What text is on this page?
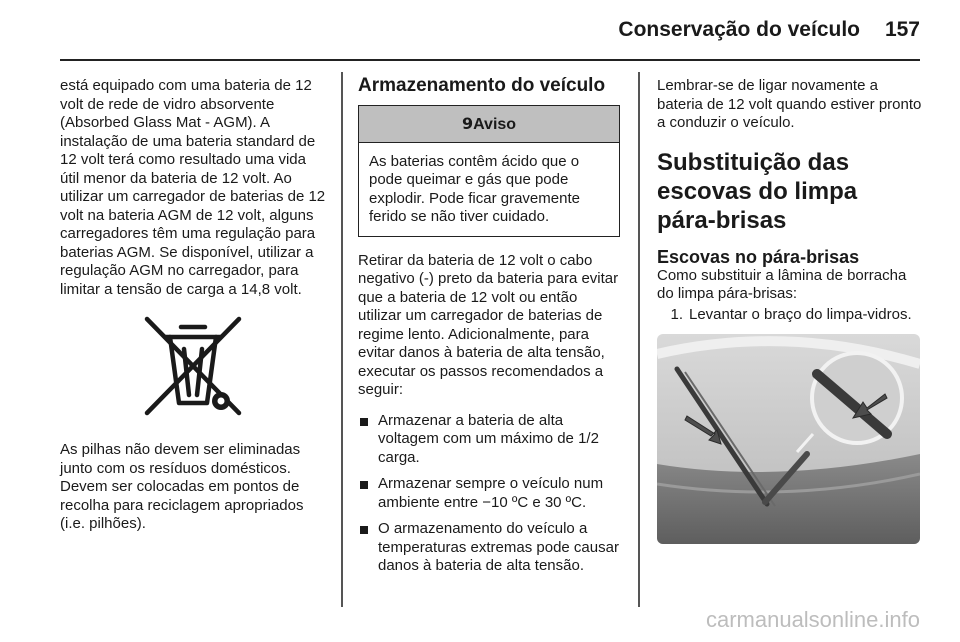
Conservação do veículo 157

está equipado com uma bateria de 12 volt de rede de vidro absorvente (Absorbed Glass Mat - AGM). A instalação de uma bateria standard de 12 volt terá como resultado uma vida útil menor da bateria de 12 volt. Ao utilizar um carregador de baterias de 12 volt na bateria AGM de 12 volt, alguns carregadores têm uma regulação para baterias AGM. Se disponível, utilizar a regulação AGM no carregador, para limitar a tensão de carga a 14,8 volt.

As pilhas não devem ser eliminadas junto com os resíduos domésticos. Devem ser colocadas em pontos de recolha para reciclagem apropriados (i.e. pilhões).

Armazenamento do veículo
9Aviso
As baterias contêm ácido que o pode queimar e gás que pode explodir. Pode ficar gravemente ferido se não tiver cuidado.

Retirar da bateria de 12 volt o cabo negativo (-) preto da bateria para evitar que a bateria de 12 volt ou então utilizar um carregador de baterias de regime lento. Adicionalmente, para evitar danos à bateria de alta tensão, executar os passos recomendados a seguir:

Armazenar a bateria de alta voltagem com um máximo de 1/2 carga.
Armazenar sempre o veículo num ambiente entre −10 ºC e 30 ºC.
O armazenamento do veículo a temperaturas extremas pode causar danos à bateria de alta tensão.

Lembrar-se de ligar novamente a bateria de 12 volt quando estiver pronto a conduzir o veículo.

Substituição das escovas do limpa pára-brisas
Escovas no pára-brisas

Como substituir a lâmina de borracha do limpa pára-brisas:

1. Levantar o braço do limpa-vidros.
carmanualsonline.info
